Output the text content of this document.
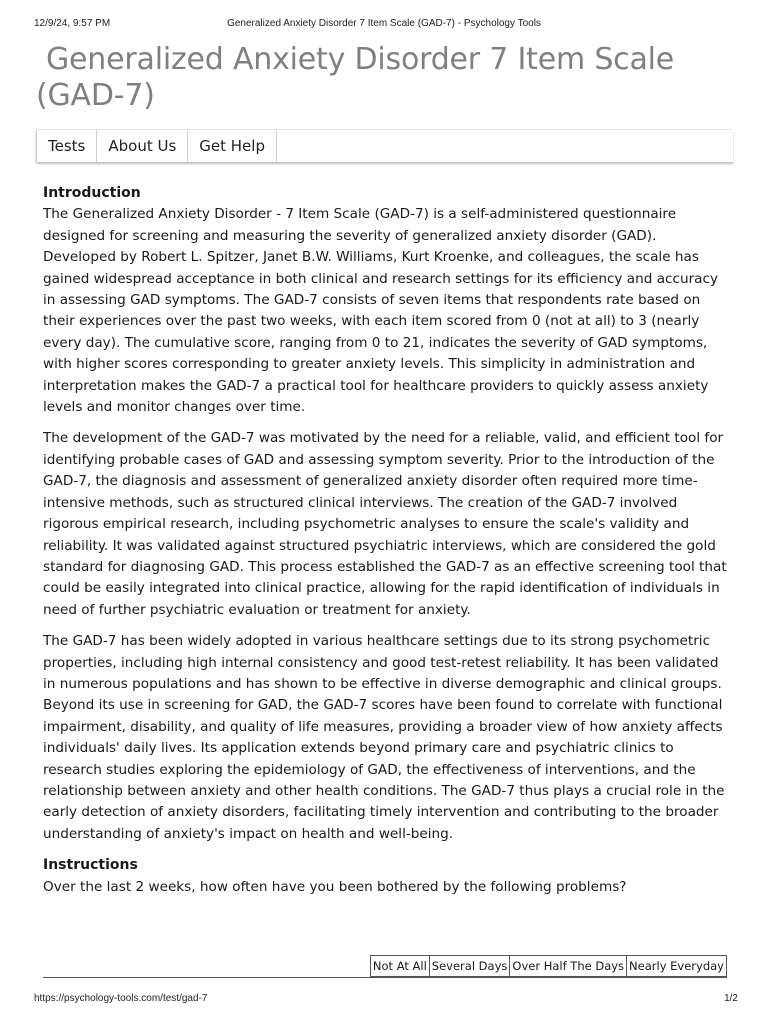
12/9/24, 9:57 PM	Generalized Anxiety Disorder 7 Item Scale (GAD-7) - Psychology Tools
Generalized Anxiety Disorder 7 Item Scale (GAD-7)
Tests	About Us	Get Help
Introduction

The Generalized Anxiety Disorder - 7 Item Scale (GAD-7) is a self-administered questionnaire designed for screening and measuring the severity of generalized anxiety disorder (GAD). Developed by Robert L. Spitzer, Janet B.W. Williams, Kurt Kroenke, and colleagues, the scale has gained widespread acceptance in both clinical and research settings for its efficiency and accuracy in assessing GAD symptoms. The GAD-7 consists of seven items that respondents rate based on their experiences over the past two weeks, with each item scored from 0 (not at all) to 3 (nearly every day). The cumulative score, ranging from 0 to 21, indicates the severity of GAD symptoms, with higher scores corresponding to greater anxiety levels. This simplicity in administration and interpretation makes the GAD-7 a practical tool for healthcare providers to quickly assess anxiety levels and monitor changes over time.

The development of the GAD-7 was motivated by the need for a reliable, valid, and efficient tool for identifying probable cases of GAD and assessing symptom severity. Prior to the introduction of the GAD-7, the diagnosis and assessment of generalized anxiety disorder often required more time-intensive methods, such as structured clinical interviews. The creation of the GAD-7 involved rigorous empirical research, including psychometric analyses to ensure the scale's validity and reliability. It was validated against structured psychiatric interviews, which are considered the gold standard for diagnosing GAD. This process established the GAD-7 as an effective screening tool that could be easily integrated into clinical practice, allowing for the rapid identification of individuals in need of further psychiatric evaluation or treatment for anxiety.

The GAD-7 has been widely adopted in various healthcare settings due to its strong psychometric properties, including high internal consistency and good test-retest reliability. It has been validated in numerous populations and has shown to be effective in diverse demographic and clinical groups. Beyond its use in screening for GAD, the GAD-7 scores have been found to correlate with functional impairment, disability, and quality of life measures, providing a broader view of how anxiety affects individuals' daily lives. Its application extends beyond primary care and psychiatric clinics to research studies exploring the epidemiology of GAD, the effectiveness of interventions, and the relationship between anxiety and other health conditions. The GAD-7 thus plays a crucial role in the early detection of anxiety disorders, facilitating timely intervention and contributing to the broader understanding of anxiety's impact on health and well-being.

Instructions

Over the last 2 weeks, how often have you been bothered by the following problems?

Not At All	Several Days	Over Half The Days	Nearly Everyday
https://psychology-tools.com/test/gad-7	1/2
